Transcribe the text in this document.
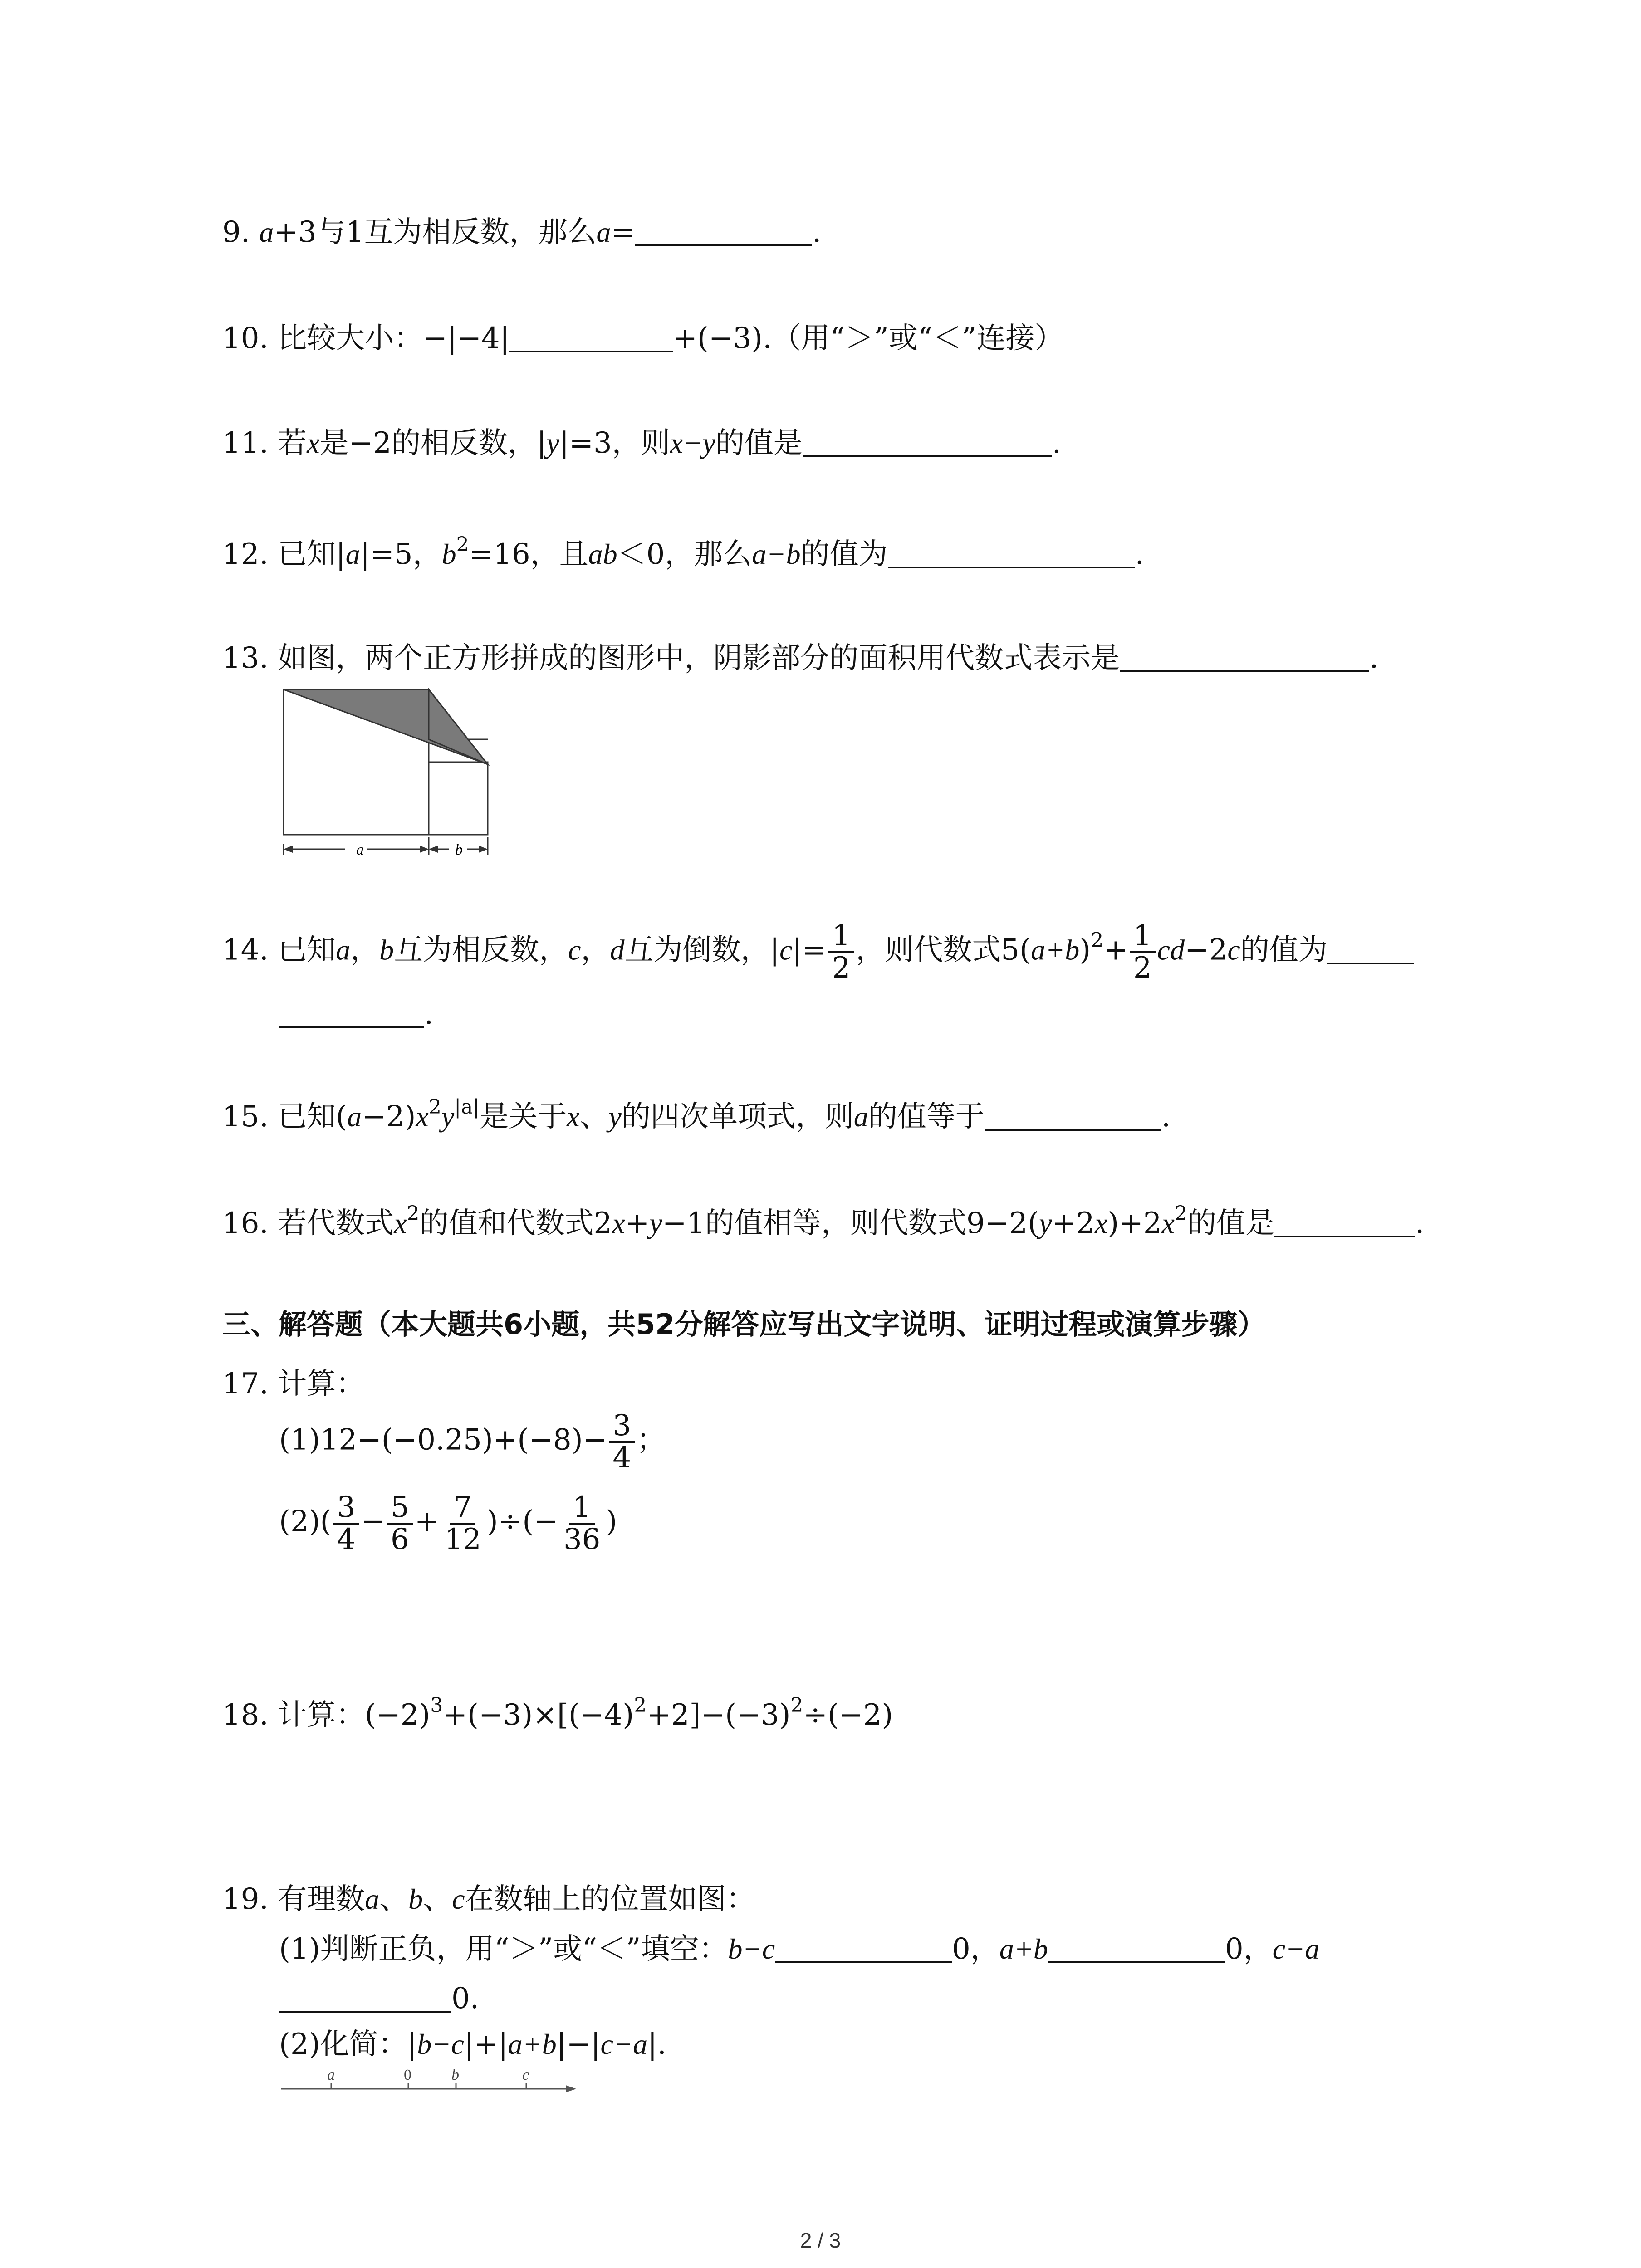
9. a+3与1互为相反数，那么a=	.
10. 比较大小：−|−4|	+(−3).（用“＞”或“＜”连接）
11. 若x是−2的相反数，|y|=3，则x−y的值是	.
12. 已知|a|=5，$b^2=16$，且ab＜0，那么a−b的值为	.
13. 如图，两个正方形拼成的图形中，阴影部分的面积用代数式表示是	.
a	b
14. 已知a，b互为相反数，c，d互为倒数，$|c|= \frac{1}{2}$ ，则代数式$5(a+b)^2+ \frac{1}{2} cd-2c$的值为
.
15. 已知$(a-2)x^2y^{|a|}$是关于x、y的四次单项式，则a的值等于	.
16. 若代数式$x^2$的值和代数式2x+y−1的值相等，则代数式$9-2(y+2x)+2x^2$的值是	.
三、解答题（本大题共6小题，共52分解答应写出文字说明、证明过程或演算步骤）
17. 计算：
$(1)12-(-0.25)+(-8)- \frac{3}{4}$ ；
$(2)( \frac{3}{4} - \frac{5}{6} + \frac{7}{12}$ )÷(− $\frac{1}{36}$ )
18. 计算：$(-2)^3+(-3)\times[(-4)^2+2]-(-3)^2\div(-2)$
19. 有理数a、b、c在数轴上的位置如图：
(1)判断正负，用“＞”或“＜”填空：b−c	0，a+b	0，c−a
0.
(2)化简：|b−c|+|a+b|−|c−a|.
a	0	b	c
2 / 3
